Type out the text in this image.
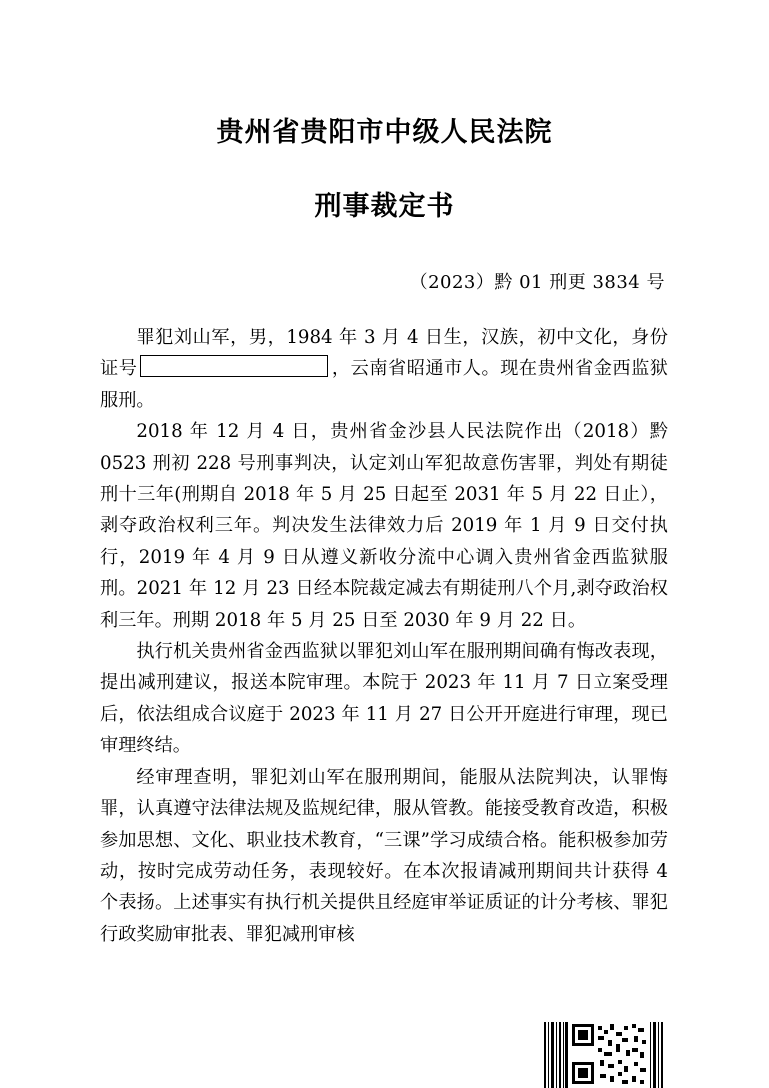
贵州省贵阳市中级人民法院
刑事裁定书
（2023）黔 01 刑更 3834 号

罪犯刘山军，男，1984 年 3 月 4 日生，汉族，初中文化，身份证号	，云南省昭通市人。现在贵州省金西监狱服刑。

2018 年 12 月 4 日，贵州省金沙县人民法院作出（2018）黔 0523 刑初 228 号刑事判决，认定刘山军犯故意伤害罪，判处有期徒刑十三年(刑期自 2018 年 5 月 25 日起至 2031 年 5 月 22 日止），剥夺政治权利三年。判决发生法律效力后 2019 年 1 月 9 日交付执行，2019 年 4 月 9 日从遵义新收分流中心调入贵州省金西监狱服刑。2021 年 12 月 23 日经本院裁定减去有期徒刑八个月,剥夺政治权利三年。刑期 2018 年 5 月 25 日至 2030 年 9 月 22 日。

执行机关贵州省金西监狱以罪犯刘山军在服刑期间确有悔改表现，提出减刑建议，报送本院审理。本院于 2023 年 11 月 7 日立案受理后，依法组成合议庭于 2023 年 11 月 27 日公开开庭进行审理，现已审理终结。

经审理查明，罪犯刘山军在服刑期间，能服从法院判决，认罪悔罪，认真遵守法律法规及监规纪律，服从管教。能接受教育改造，积极参加思想、文化、职业技术教育，“三课”学习成绩合格。能积极参加劳动，按时完成劳动任务，表现较好。在本次报请减刑期间共计获得 4 个表扬。上述事实有执行机关提供且经庭审举证质证的计分考核、罪犯行政奖励审批表、罪犯减刑审核
